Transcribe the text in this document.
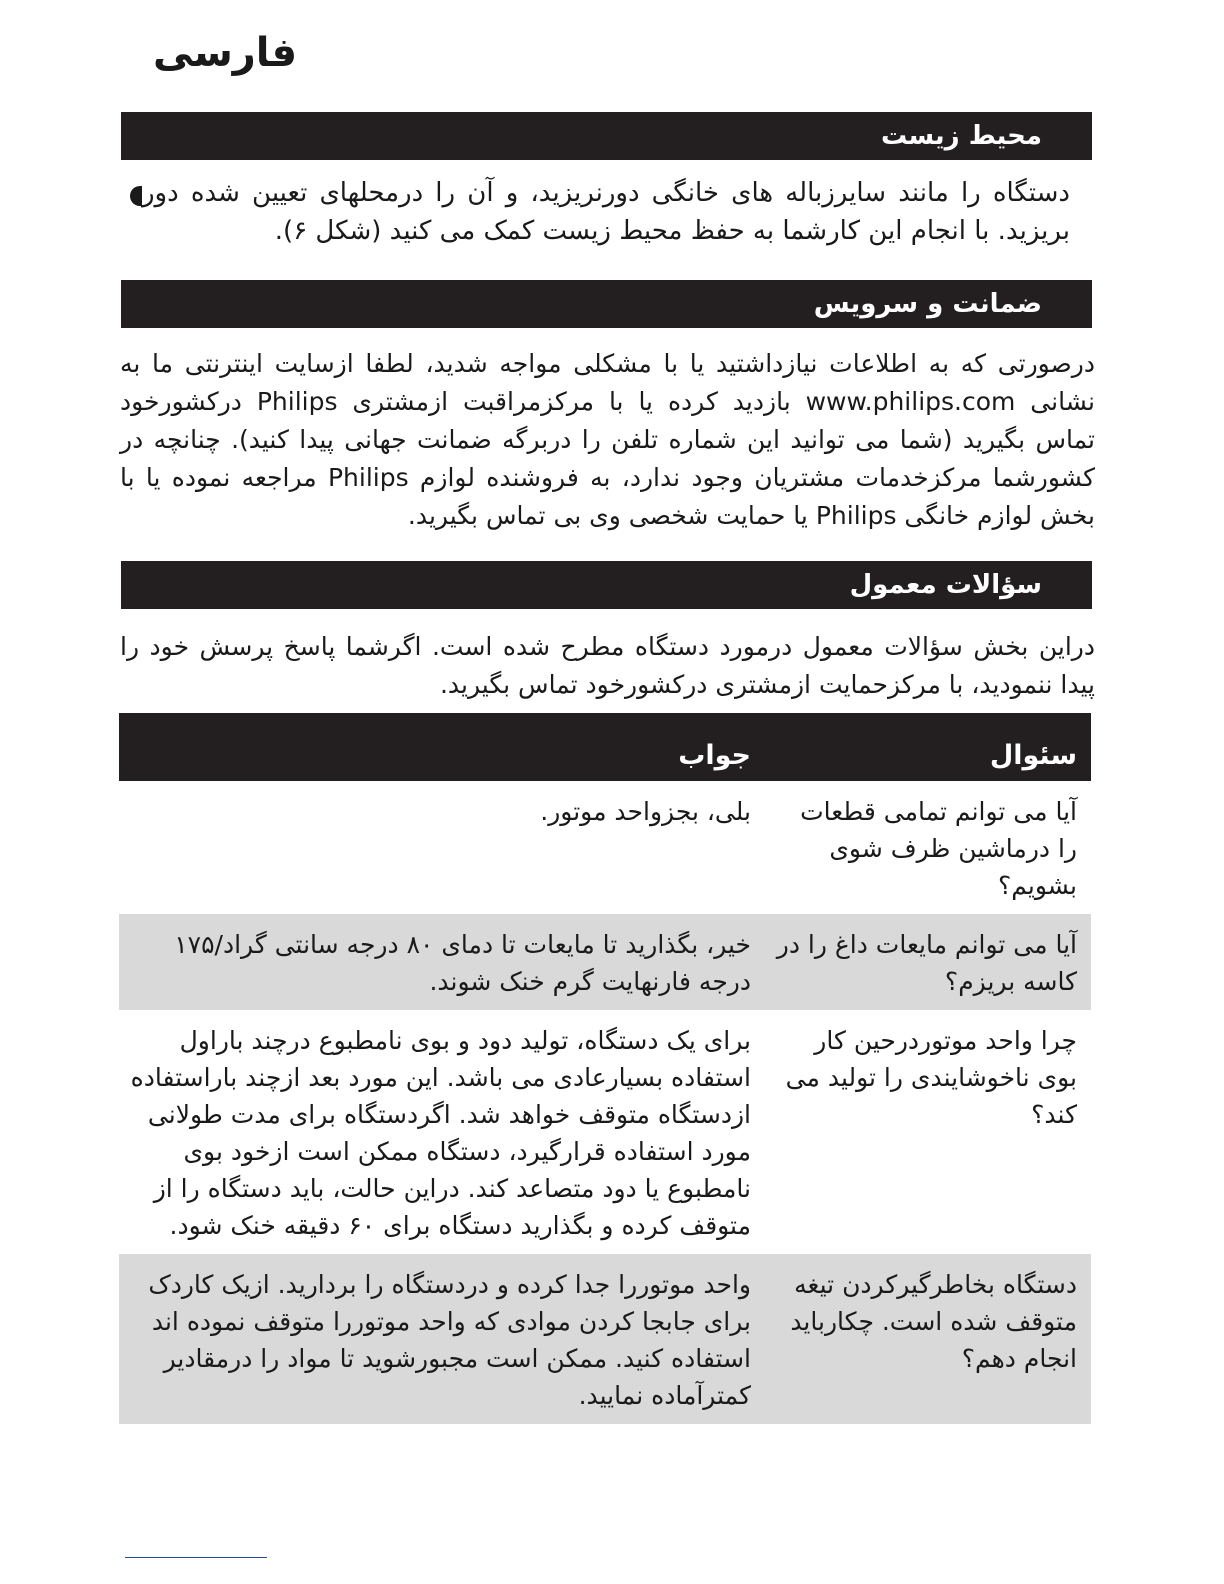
فارسی
محیط زیست
دستگاه را مانند سایرزباله های خانگی دورنریزید، و آن را درمحلهای تعیین شده دور بریزید. با انجام این کارشما به حفظ محیط زیست کمک می کنید (شکل ۶).
ضمانت و سرویس

درصورتی که به اطلاعات نیازداشتید یا با مشکلی مواجه شدید، لطفا ازسایت اینترنتی ما به نشانی www.philips.com بازدید کرده یا با مرکزمراقبت ازمشتری Philips درکشورخود تماس بگیرید (شما می توانید این شماره تلفن را دربرگه ضمانت جهانی پیدا کنید). چنانچه در کشورشما مرکزخدمات مشتریان وجود ندارد، به فروشنده لوازم Philips مراجعه نموده یا با بخش لوازم خانگی Philips یا حمایت شخصی وی بی تماس بگیرید.

سؤالات معمول

دراین بخش سؤالات معمول درمورد دستگاه مطرح شده است. اگرشما پاسخ پرسش خود را پیدا ننمودید، با مرکزحمایت ازمشتری درکشورخود تماس بگیرید.

سئوال	جواب
آیا می توانم تمامی قطعات را درماشین ظرف شوی بشویم؟	بلی، بجزواحد موتور.
آیا می توانم مایعات داغ را در کاسه بریزم؟	خیر، بگذارید تا مایعات تا دمای ۸۰ درجه سانتی گراد/۱۷۵ درجه فارنهایت گرم خنک شوند.
چرا واحد موتوردرحین کار بوی ناخوشایندی را تولید می کند؟	برای یک دستگاه، تولید دود و بوی نامطبوع درچند باراول استفاده بسیارعادی می باشد. این مورد بعد ازچند باراستفاده ازدستگاه متوقف خواهد شد. اگردستگاه برای مدت طولانی مورد استفاده قرارگیرد، دستگاه ممکن است ازخود بوی نامطبوع یا دود متصاعد کند. دراین حالت، باید دستگاه را از متوقف کرده و بگذارید دستگاه برای ۶۰ دقیقه خنک شود.
دستگاه بخاطرگیرکردن تیغه متوقف شده است. چکارباید انجام دهم؟	واحد موتوررا جدا کرده و دردستگاه را بردارید. ازیک کاردک برای جابجا کردن موادی که واحد موتوررا متوقف نموده اند استفاده کنید. ممکن است مجبورشوید تا مواد را درمقادیر کمترآماده نمایید.
